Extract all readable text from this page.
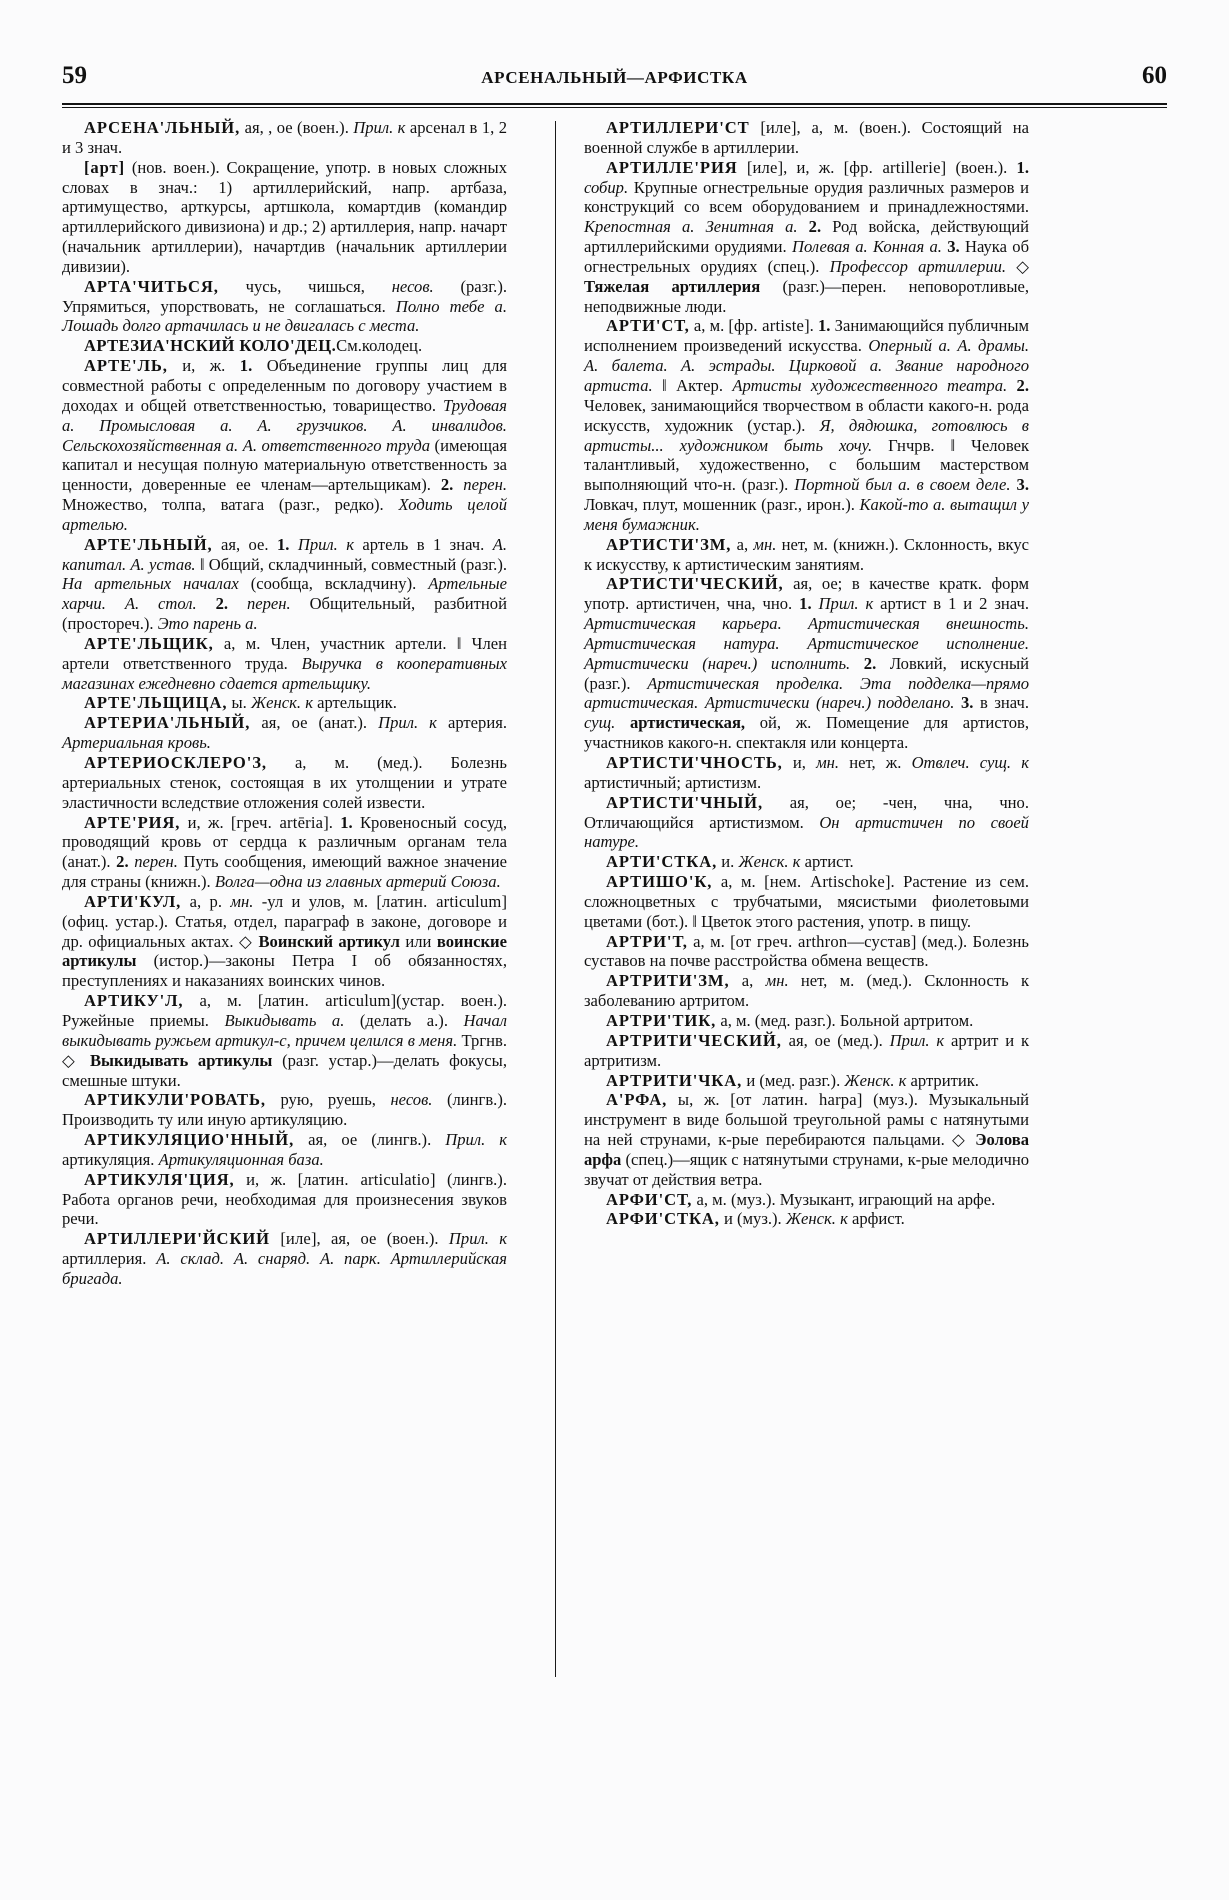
59	АРСЕНАЛЬНЫЙ—АРФИСТКА	60

АРСЕНА'ЛЬНЫЙ, ая, , ое (воен.). Прил. к арсенал в 1, 2 и 3 знач.

[арт] (нов. воен.). Сокращение, употр. в новых сложных словах в знач.: 1) артиллерийский, напр. артбаза, артимущество, арткурсы, артшкола, комартдив (командир артиллерийского дивизиона) и др.; 2) артиллерия, напр. начарт (начальник артиллерии), начартдив (начальник артиллерии дивизии).

АРТА'ЧИТЬСЯ, чусь, чишься, несов. (разг.). Упрямиться, упорствовать, не соглашаться. Полно тебе а. Лошадь долго артачилась и не двигалась с места.

АРТЕЗИА'НСКИЙ КОЛО'ДЕЦ.См.колодец.

АРТЕ'ЛЬ, и, ж. 1. Объединение группы лиц для совместной работы с определенным по договору участием в доходах и общей ответственностью, товарищество. Трудовая а. Промысловая а. А. грузчиков. А. инвалидов. Сельскохозяйственная а. А. ответственного труда (имеющая капитал и несущая полную материальную ответственность за ценности, доверенные ее членам—артельщикам). 2. перен. Множество, толпа, ватага (разг., редко). Ходить целой артелью.

АРТЕ'ЛЬНЫЙ, ая, ое. 1. Прил. к артель в 1 знач. А. капитал. А. устав. ‖ Общий, складчинный, совместный (разг.). На артельных началах (сообща, вскладчину). Артельные харчи. А. стол. 2. перен. Общительный, разбитной (простореч.). Это парень а.

АРТЕ'ЛЬЩИК, а, м. Член, участник артели. ‖ Член артели ответственного труда. Выручка в кооперативных магазинах ежедневно сдается артельщику.

АРТЕ'ЛЬЩИЦА, ы. Женск. к артельщик.

АРТЕРИА'ЛЬНЫЙ, ая, ое (анат.). Прил. к артерия. Артериальная кровь.

АРТЕРИОСКЛЕРО'З, а, м. (мед.). Болезнь артериальных стенок, состоящая в их утолщении и утрате эластичности вследствие отложения солей извести.

АРТЕ'РИЯ, и, ж. [греч. artēria]. 1. Кровеносный сосуд, проводящий кровь от сердца к различным органам тела (анат.). 2. перен. Путь сообщения, имеющий важное значение для страны (книжн.). Волга—одна из главных артерий Союза.

АРТИ'КУЛ, а, р. мн. -ул и улов, м. [латин. articulum] (офиц. устар.). Статья, отдел, параграф в законе, договоре и др. официальных актах. ◇ Воинский артикул или воинские артикулы (истор.)—законы Петра I об обязанностях, преступлениях и наказаниях воинских чинов.

АРТИКУ'Л, а, м. [латин. articulum](устар. воен.). Ружейные приемы. Выкидывать а. (делать а.). Начал выкидывать ружьем артикул-с, причем целился в меня. Тргнв. ◇ Выкидывать артикулы (разг. устар.)—делать фокусы, смешные штуки.

АРТИКУЛИ'РОВАТЬ, рую, руешь, несов. (лингв.). Производить ту или иную артикуляцию.

АРТИКУЛЯЦИО'ННЫЙ, ая, ое (лингв.). Прил. к артикуляция. Артикуляционная база.

АРТИКУЛЯ'ЦИЯ, и, ж. [латин. articulatio] (лингв.). Работа органов речи, необходимая для произнесения звуков речи.

АРТИЛЛЕРИ'ЙСКИЙ [иле], ая, ое (воен.). Прил. к артиллерия. А. склад. А. снаряд. А. парк. Артиллерийская бригада.

АРТИЛЛЕРИ'СТ [иле], а, м. (воен.). Состоящий на военной службе в артиллерии.

АРТИЛЛЕ'РИЯ [иле], и, ж. [фр. artillerie] (воен.). 1. собир. Крупные огнестрельные орудия различных размеров и конструкций со всем оборудованием и принадлежностями. Крепостная а. Зенитная а. 2. Род войска, действующий артиллерийскими орудиями. Полевая а. Конная а. 3. Наука об огнестрельных орудиях (спец.). Профессор артиллерии. ◇ Тяжелая артиллерия (разг.)—перен. неповоротливые, неподвижные люди.

АРТИ'СТ, а, м. [фр. artiste]. 1. Занимающийся публичным исполнением произведений искусства. Оперный а. А. драмы. А. балета. А. эстрады. Цирковой а. Звание народного артиста. ‖ Актер. Артисты художественного театра. 2. Человек, занимающийся творчеством в области какого-н. рода искусств, художник (устар.). Я, дядюшка, готовлюсь в артисты... художником быть хочу. Гнчрв. ‖ Человек талантливый, художественно, с большим мастерством выполняющий что-н. (разг.). Портной был а. в своем деле. 3. Ловкач, плут, мошенник (разг., ирон.). Какой-то а. вытащил у меня бумажник.

АРТИСТИ'ЗМ, а, мн. нет, м. (книжн.). Склонность, вкус к искусству, к артистическим занятиям.

АРТИСТИ'ЧЕСКИЙ, ая, ое; в качестве кратк. форм употр. артистичен, чна, чно. 1. Прил. к артист в 1 и 2 знач. Артистическая карьера. Артистическая внешность. Артистическая натура. Артистическое исполнение. Артистически (нареч.) исполнить. 2. Ловкий, искусный (разг.). Артистическая проделка. Эта подделка—прямо артистическая. Артистически (нареч.) подделано. 3. в знач. сущ. артистическая, ой, ж. Помещение для артистов, участников какого-н. спектакля или концерта.

АРТИСТИ'ЧНОСТЬ, и, мн. нет, ж. Отвлеч. сущ. к артистичный; артистизм.

АРТИСТИ'ЧНЫЙ, ая, ое; -чен, чна, чно. Отличающийся артистизмом. Он артистичен по своей натуре.

АРТИ'СТКА, и. Женск. к артист.

АРТИШО'К, а, м. [нем. Artischoke]. Растение из сем. сложноцветных с трубчатыми, мясистыми фиолетовыми цветами (бот.). ‖ Цветок этого растения, употр. в пищу.

АРТРИ'Т, а, м. [от греч. arthron—сустав] (мед.). Болезнь суставов на почве расстройства обмена веществ.

АРТРИТИ'ЗМ, а, мн. нет, м. (мед.). Склонность к заболеванию артритом.

АРТРИ'ТИК, а, м. (мед. разг.). Больной артритом.

АРТРИТИ'ЧЕСКИЙ, ая, ое (мед.). Прил. к артрит и к артритизм.

АРТРИТИ'ЧКА, и (мед. разг.). Женск. к артритик.

А'РФА, ы, ж. [от латин. harpa] (муз.). Музыкальный инструмент в виде большой треугольной рамы с натянутыми на ней струнами, к-рые перебираются пальцами. ◇ Эолова арфа (спец.)—ящик с натянутыми струнами, к-рые мелодично звучат от действия ветра.

АРФИ'СТ, а, м. (муз.). Музыкант, играющий на арфе.

АРФИ'СТКА, и (муз.). Женск. к арфист.
